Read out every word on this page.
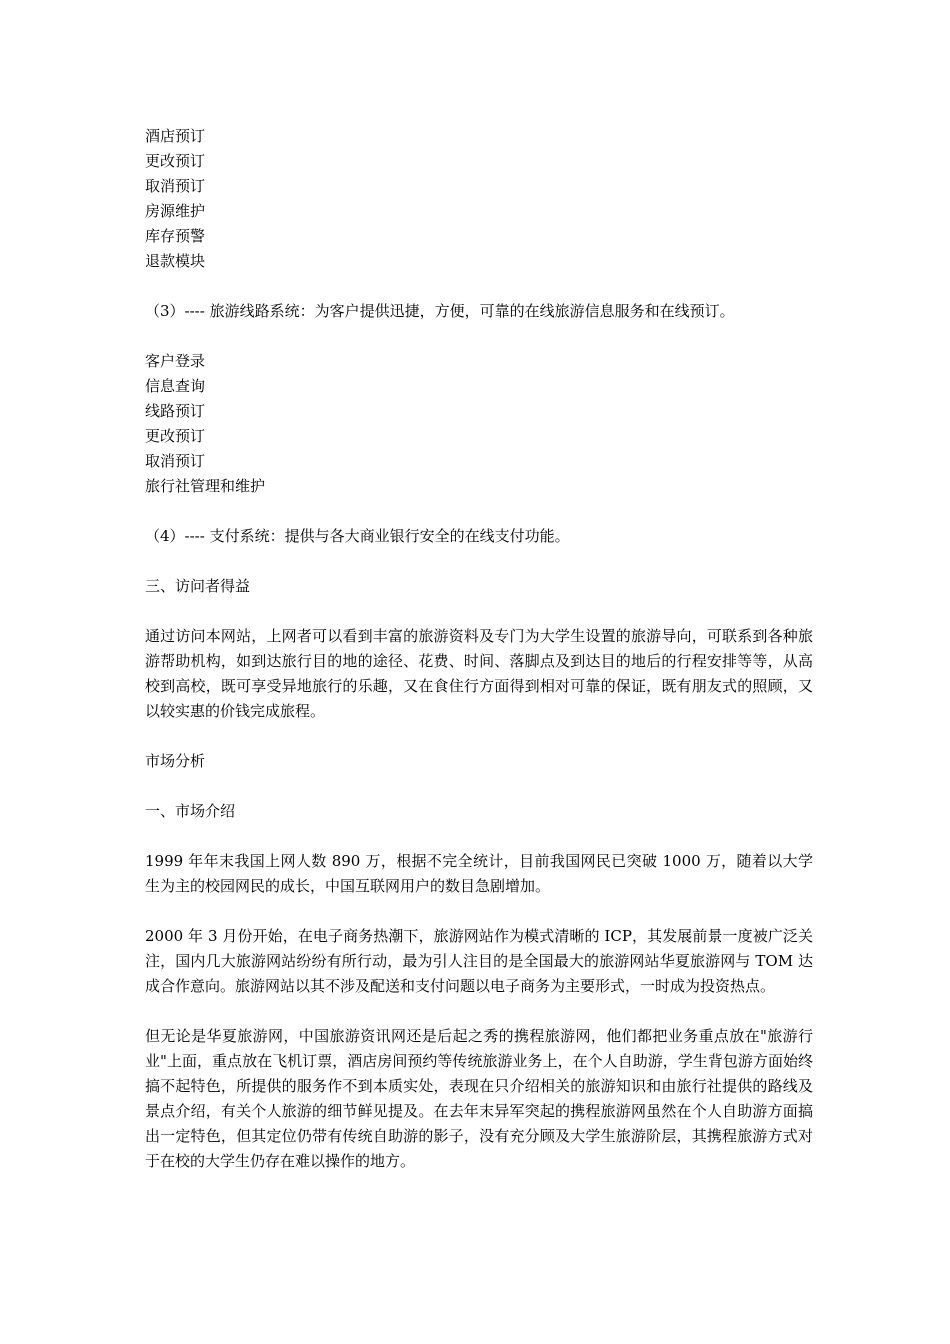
酒店预订
更改预订
取消预订
房源维护
库存预警
退款模块
（3）---- 旅游线路系统：为客户提供迅捷，方便，可靠的在线旅游信息服务和在线预订。
客户登录
信息查询
线路预订
更改预订
取消预订
旅行社管理和维护
（4）---- 支付系统：提供与各大商业银行安全的在线支付功能。
三、访问者得益

通过访问本网站，上网者可以看到丰富的旅游资料及专门为大学生设置的旅游导向，可联系到各种旅游帮助机构，如到达旅行目的地的途径、花费、时间、落脚点及到达目的地后的行程安排等等，从高校到高校，既可享受异地旅行的乐趣，又在食住行方面得到相对可靠的保证，既有朋友式的照顾，又以较实惠的价钱完成旅程。

市场分析
一、市场介绍

1999 年年末我国上网人数 890 万，根据不完全统计，目前我国网民已突破 1000 万，随着以大学生为主的校园网民的成长，中国互联网用户的数目急剧增加。

2000 年 3 月份开始，在电子商务热潮下，旅游网站作为模式清晰的 ICP，其发展前景一度被广泛关注，国内几大旅游网站纷纷有所行动，最为引人注目的是全国最大的旅游网站华夏旅游网与 TOM 达成合作意向。旅游网站以其不涉及配送和支付问题以电子商务为主要形式，一时成为投资热点。

但无论是华夏旅游网，中国旅游资讯网还是后起之秀的携程旅游网，他们都把业务重点放在"旅游行业"上面，重点放在飞机订票，酒店房间预约等传统旅游业务上，在个人自助游，学生背包游方面始终搞不起特色，所提供的服务作不到本质实处，表现在只介绍相关的旅游知识和由旅行社提供的路线及景点介绍，有关个人旅游的细节鲜见提及。在去年末异军突起的携程旅游网虽然在个人自助游方面搞出一定特色，但其定位仍带有传统自助游的影子，没有充分顾及大学生旅游阶层，其携程旅游方式对于在校的大学生仍存在难以操作的地方。
